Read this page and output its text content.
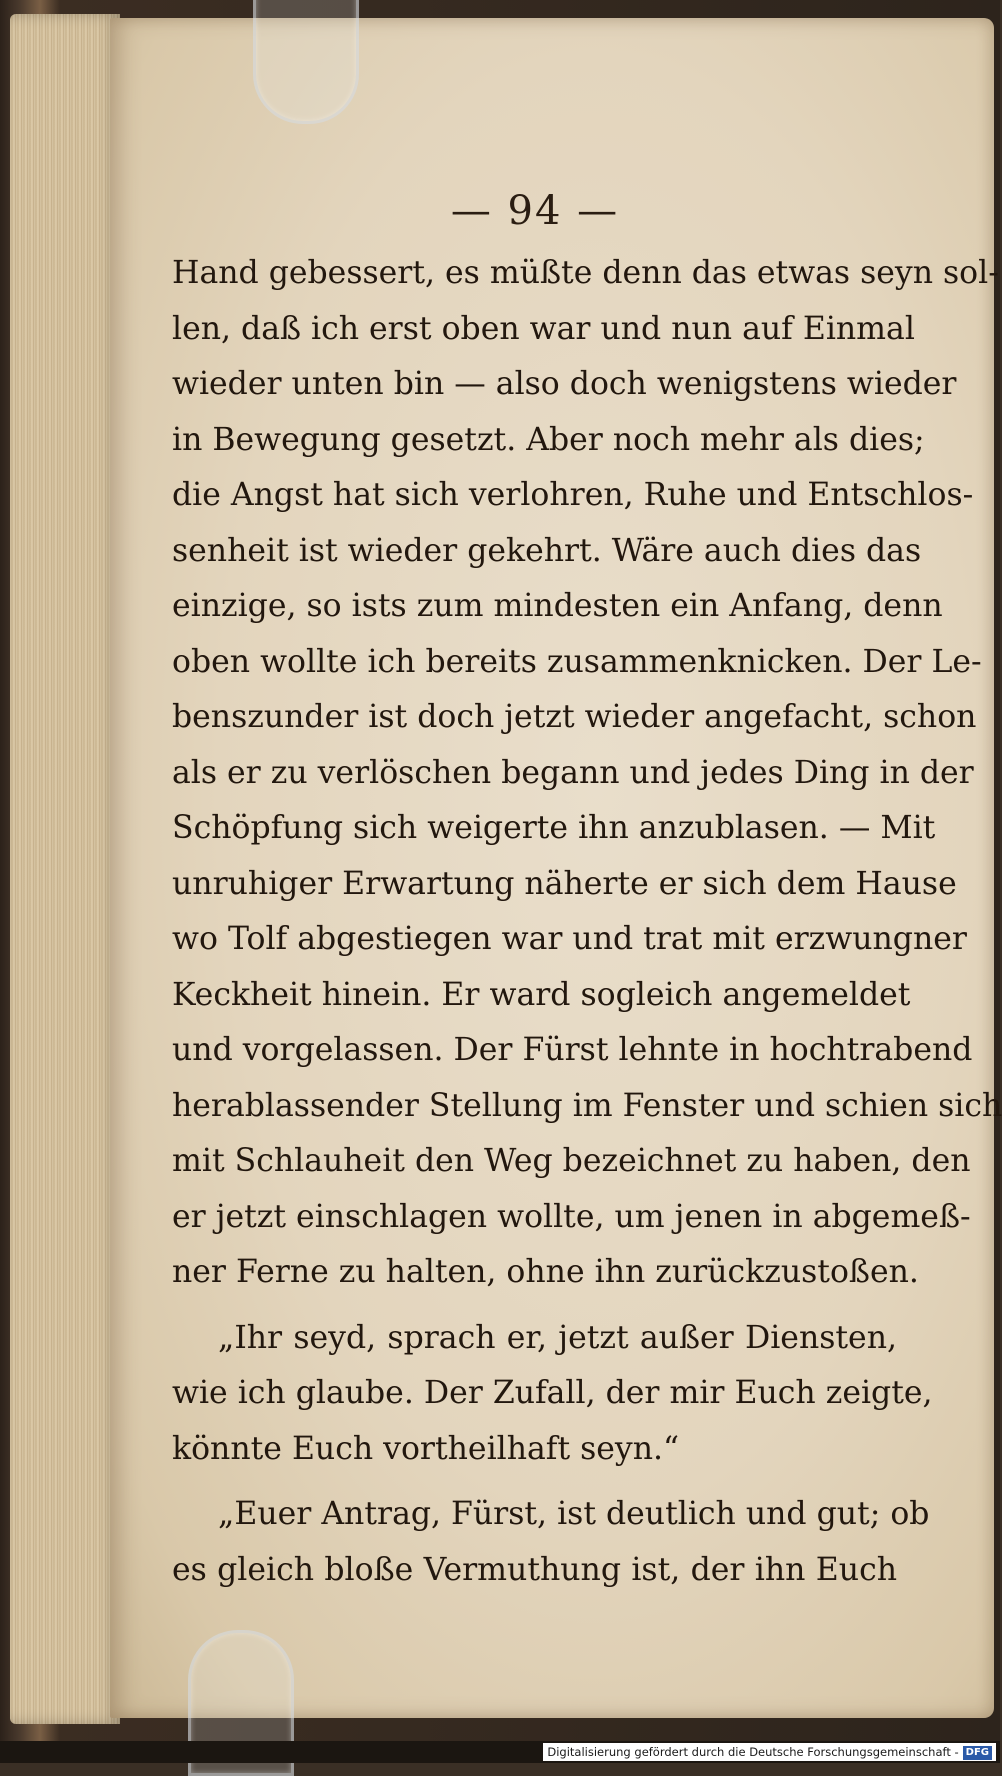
— 94 —
Hand gebessert, es müßte denn das etwas seyn sol-
len, daß ich erst oben war und nun auf Einmal
wieder unten bin — also doch wenigstens wieder
in Bewegung gesetzt. Aber noch mehr als dies;
die Angst hat sich verlohren, Ruhe und Entschlos-
senheit ist wieder gekehrt. Wäre auch dies das
einzige, so ists zum mindesten ein Anfang, denn
oben wollte ich bereits zusammenknicken. Der Le-
benszunder ist doch jetzt wieder angefacht, schon
als er zu verlöschen begann und jedes Ding in der
Schöpfung sich weigerte ihn anzublasen. — Mit
unruhiger Erwartung näherte er sich dem Hause
wo Tolf abgestiegen war und trat mit erzwungner
Keckheit hinein. Er ward sogleich angemeldet
und vorgelassen. Der Fürst lehnte in hochtrabend
herablassender Stellung im Fenster und schien sich
mit Schlauheit den Weg bezeichnet zu haben, den
er jetzt einschlagen wollte, um jenen in abgemeß-
ner Ferne zu halten, ohne ihn zurückzustoßen.
„Ihr seyd, sprach er, jetzt außer Diensten,
wie ich glaube. Der Zufall, der mir Euch zeigte,
könnte Euch vortheilhaft seyn.“
„Euer Antrag, Fürst, ist deutlich und gut; ob
es gleich bloße Vermuthung ist, der ihn Euch
Digitalisierung gefördert durch die Deutsche Forschungsgemeinschaft - DFG
